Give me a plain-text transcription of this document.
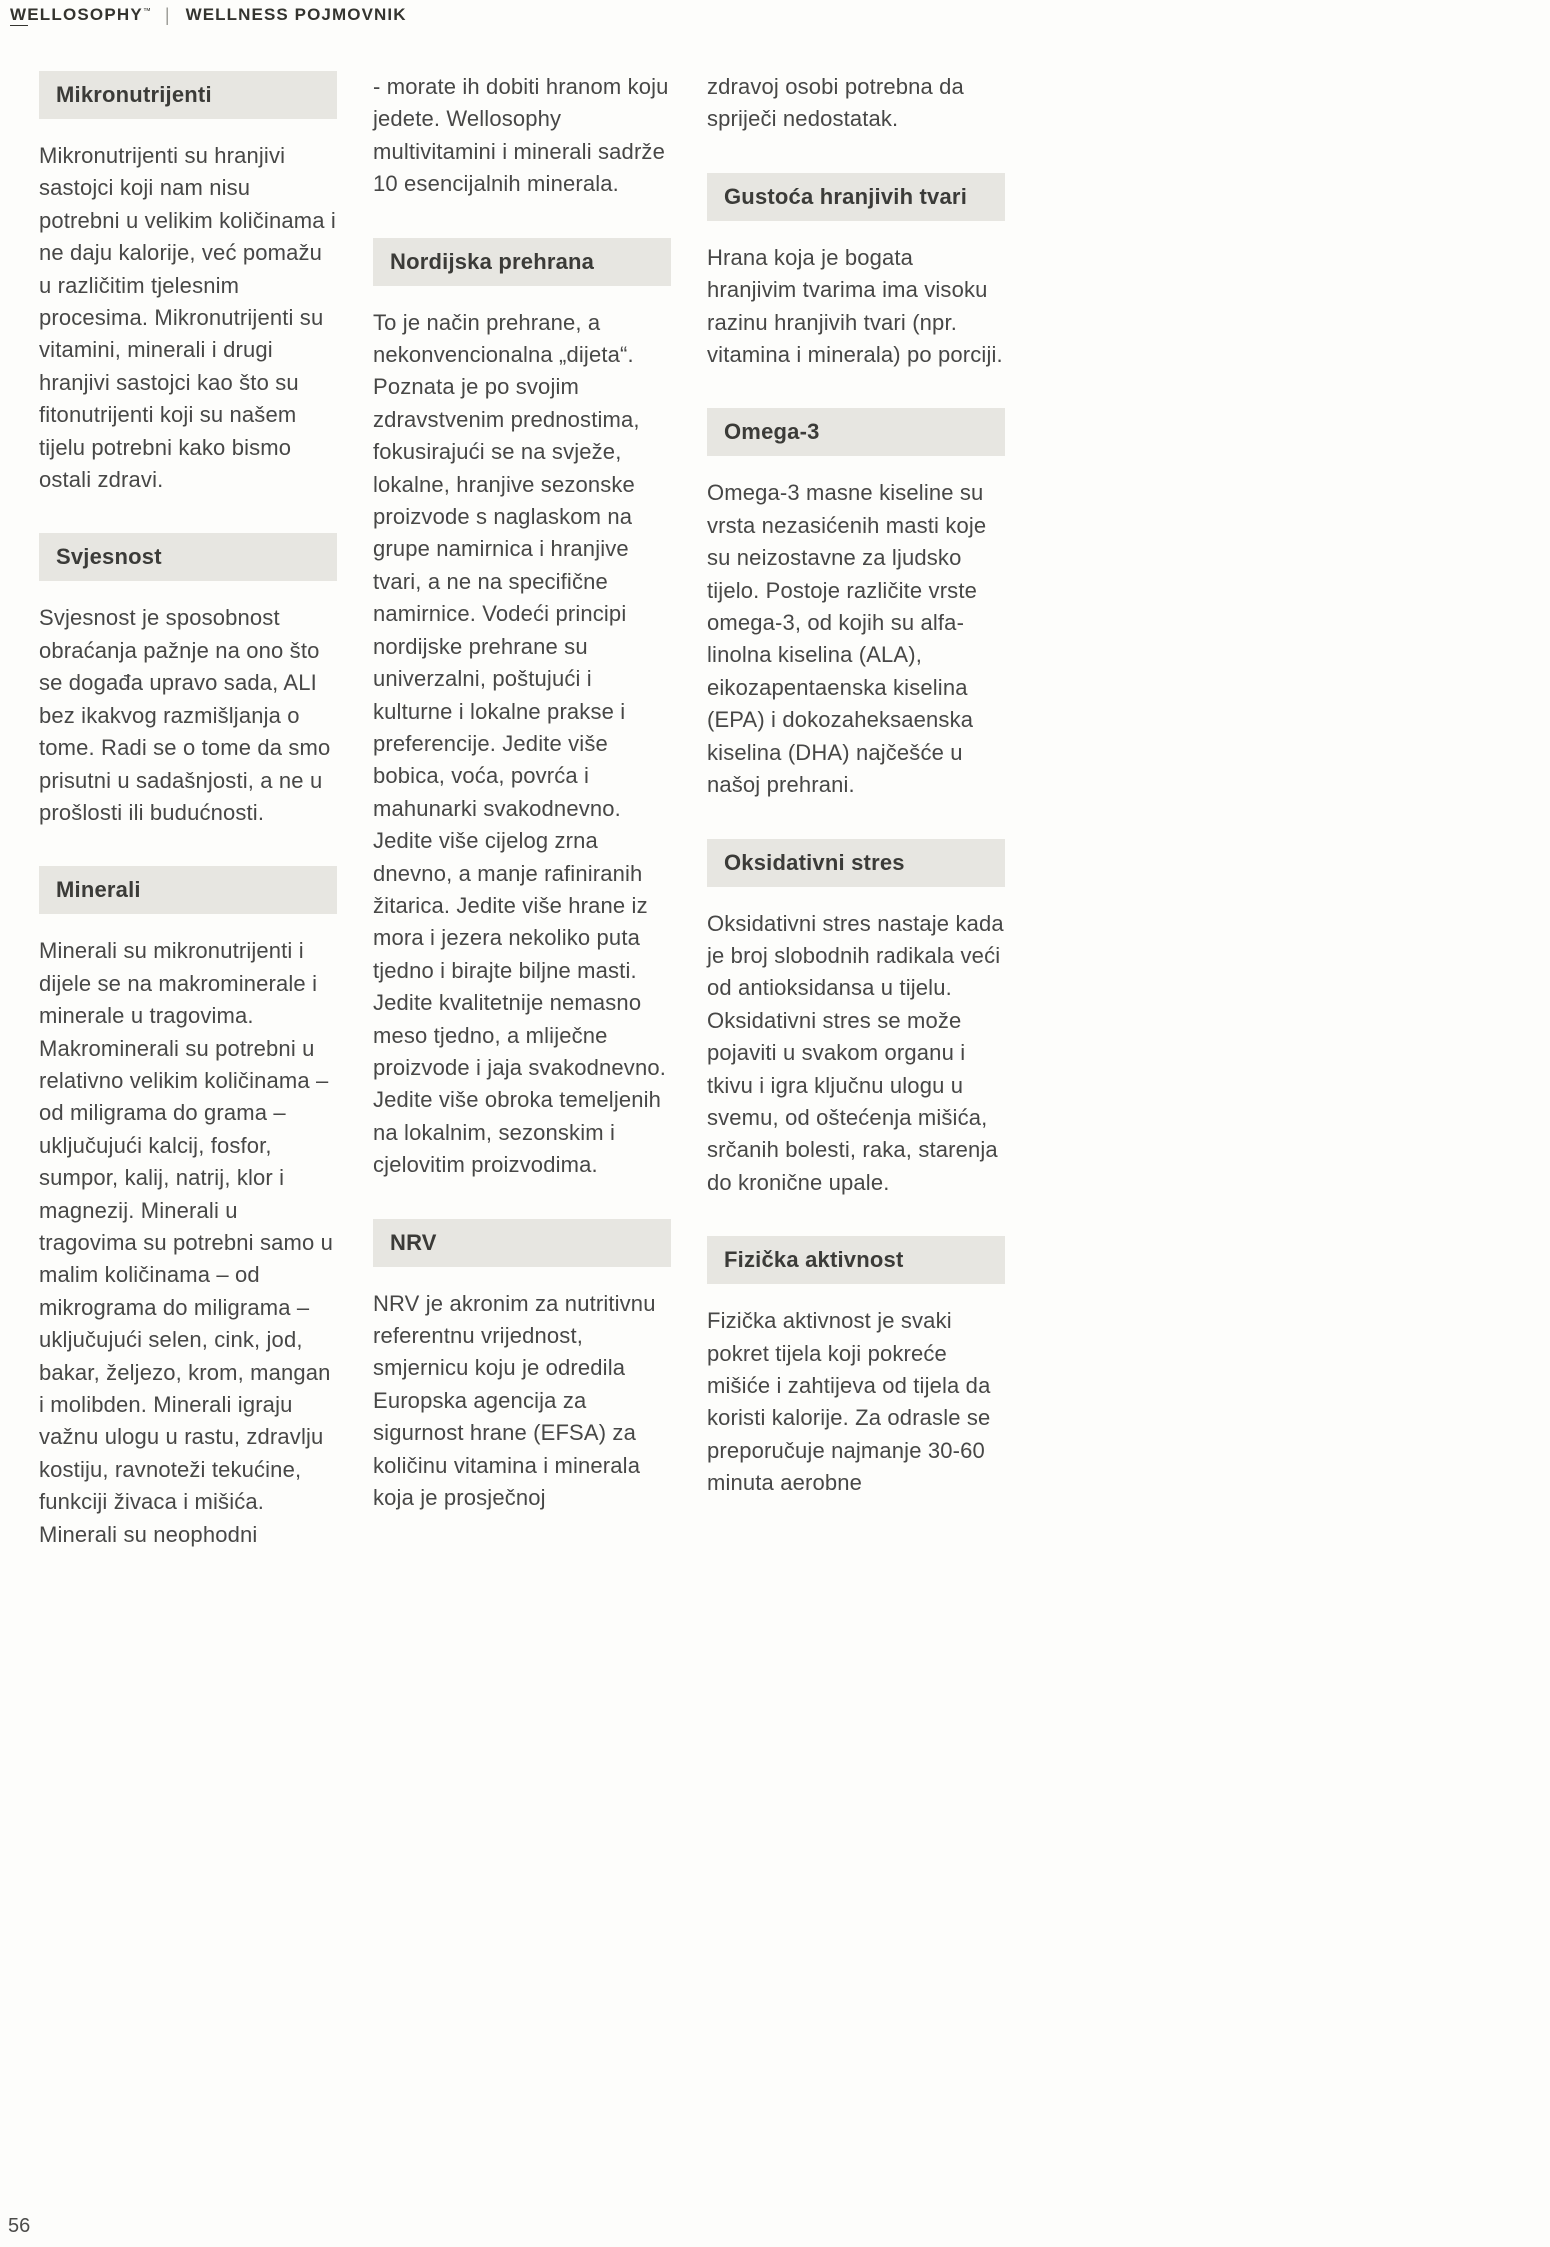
WELLOSOPHY™ | WELLNESS POJMOVNIK
Mikronutrijenti

Mikronutrijenti su hranjivi sastojci koji nam nisu potrebni u velikim količinama i ne daju kalorije, već pomažu u različitim tjelesnim procesima. Mikronutrijenti su vitamini, minerali i drugi hranjivi sastojci kao što su fitonutrijenti koji su našem tijelu potrebni kako bismo ostali zdravi.

Svjesnost

Svjesnost je sposobnost obraćanja pažnje na ono što se događa upravo sada, ALI bez ikakvog razmišljanja o tome. Radi se o tome da smo prisutni u sadašnjosti, a ne u prošlosti ili budućnosti.

Minerali

Minerali su mikronutrijenti i dijele se na makrominerale i minerale u tragovima. Makrominerali su potrebni u relativno velikim količinama – od miligrama do grama – uključujući kalcij, fosfor, sumpor, kalij, natrij, klor i magnezij. Minerali u tragovima su potrebni samo u malim količinama – od mikrograma do miligrama – uključujući selen, cink, jod, bakar, željezo, krom, mangan i molibden. Minerali igraju važnu ulogu u rastu, zdravlju kostiju, ravnoteži tekućine, funkciji živaca i mišića. Minerali su neophodni

- morate ih dobiti hranom koju jedete. Wellosophy multivitamini i minerali sadrže 10 esencijalnih minerala.

Nordijska prehrana

To je način prehrane, a nekonvencionalna „dijeta“. Poznata je po svojim zdravstvenim prednostima, fokusirajući se na svježe, lokalne, hranjive sezonske proizvode s naglaskom na grupe namirnica i hranjive tvari, a ne na specifične namirnice. Vodeći principi nordijske prehrane su univerzalni, poštujući i kulturne i lokalne prakse i preferencije. Jedite više bobica, voća, povrća i mahunarki svakodnevno. Jedite više cijelog zrna dnevno, a manje rafiniranih žitarica. Jedite više hrane iz mora i jezera nekoliko puta tjedno i birajte biljne masti. Jedite kvalitetnije nemasno meso tjedno, a mliječne proizvode i jaja svakodnevno. Jedite više obroka temeljenih na lokalnim, sezonskim i cjelovitim proizvodima.

NRV

NRV je akronim za nutritivnu referentnu vrijednost, smjernicu koju je odredila Europska agencija za sigurnost hrane (EFSA) za količinu vitamina i minerala koja je prosječnoj

zdravoj osobi potrebna da spriječi nedostatak.

Gustoća hranjivih tvari

Hrana koja je bogata hranjivim tvarima ima visoku razinu hranjivih tvari (npr. vitamina i minerala) po porciji.

Omega-3

Omega-3 masne kiseline su vrsta nezasićenih masti koje su neizostavne za ljudsko tijelo. Postoje različite vrste omega-3, od kojih su alfa-linolna kiselina (ALA), eikozapentaenska kiselina (EPA) i dokozaheksaenska kiselina (DHA) najčešće u našoj prehrani.

Oksidativni stres

Oksidativni stres nastaje kada je broj slobodnih radikala veći od antioksidansa u tijelu. Oksidativni stres se može pojaviti u svakom organu i tkivu i igra ključnu ulogu u svemu, od oštećenja mišića, srčanih bolesti, raka, starenja do kronične upale.

Fizička aktivnost

Fizička aktivnost je svaki pokret tijela koji pokreće mišiće i zahtijeva od tijela da koristi kalorije. Za odrasle se preporučuje najmanje 30-60 minuta aerobne

56
